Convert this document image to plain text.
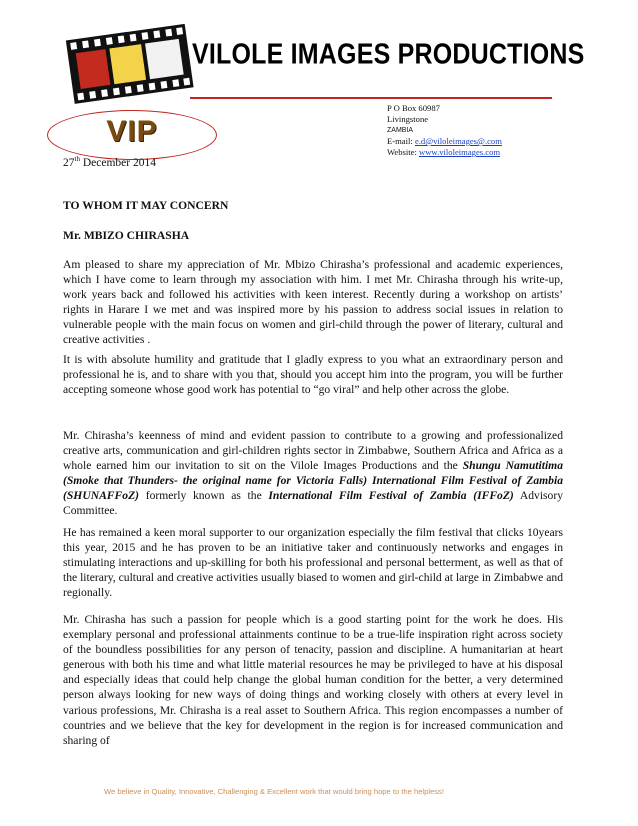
VILOLE IMAGES PRODUCTIONS
VIP
P O Box 60987
Livingstone
ZAMBIA
E-mail: e.d@viloleimages@.com
Website: www.viloleimages.com
27th December 2014
TO WHOM IT MAY CONCERN
Mr. MBIZO CHIRASHA
Am pleased to share my appreciation of Mr. Mbizo Chirasha’s professional and academic experiences, which I have come to learn through my association with him. I met Mr. Chirasha through his write-up, work years back and followed his activities with keen interest. Recently during a workshop on artists’ rights in Harare I we met and was inspired more by his passion to address social issues in relation to vulnerable people with the main focus on women and girl-child through the power of literary, cultural and creative activities .
It is with absolute humility and gratitude that I gladly express to you what an extraordinary person and professional he is, and to share with you that, should you accept him into the program, you will be further accepting someone whose good work has potential to “go viral” and help other across the globe.
Mr. Chirasha’s keenness of mind and evident passion to contribute to a growing and professionalized creative arts, communication and girl-children rights sector in Zimbabwe, Southern Africa and Africa as a whole earned him our invitation to sit on the Vilole Images Productions and the Shungu Namutitima (Smoke that Thunders- the original name for Victoria Falls) International Film Festival of Zambia (SHUNAFFoZ) formerly known as the International Film Festival of Zambia (IFFoZ) Advisory Committee.
He has remained a keen moral supporter to our organization especially the film festival that clicks 10years this year, 2015 and he has proven to be an initiative taker and continuously networks and engages in stimulating interactions and up-skilling for both his professional and personal betterment, as well as that of the literary, cultural and creative activities usually biased to women and girl-child at large in Zimbabwe and regionally.
Mr. Chirasha has such a passion for people which is a good starting point for the work he does. His exemplary personal and professional attainments continue to be a true-life inspiration right across society of the boundless possibilities for any person of tenacity, passion and discipline. A humanitarian at heart generous with both his time and what little material resources he may be privileged to have at his disposal and especially ideas that could help change the global human condition for the better, a very determined person always looking for new ways of doing things and working closely with others at every level in various professions, Mr. Chirasha is a real asset to Southern Africa. This region encompasses a number of countries and we believe that the key for development in the region is for increased communication and sharing of
We believe in Quality, Innovative, Challenging & Excellent work that would bring hope to the helpless!
